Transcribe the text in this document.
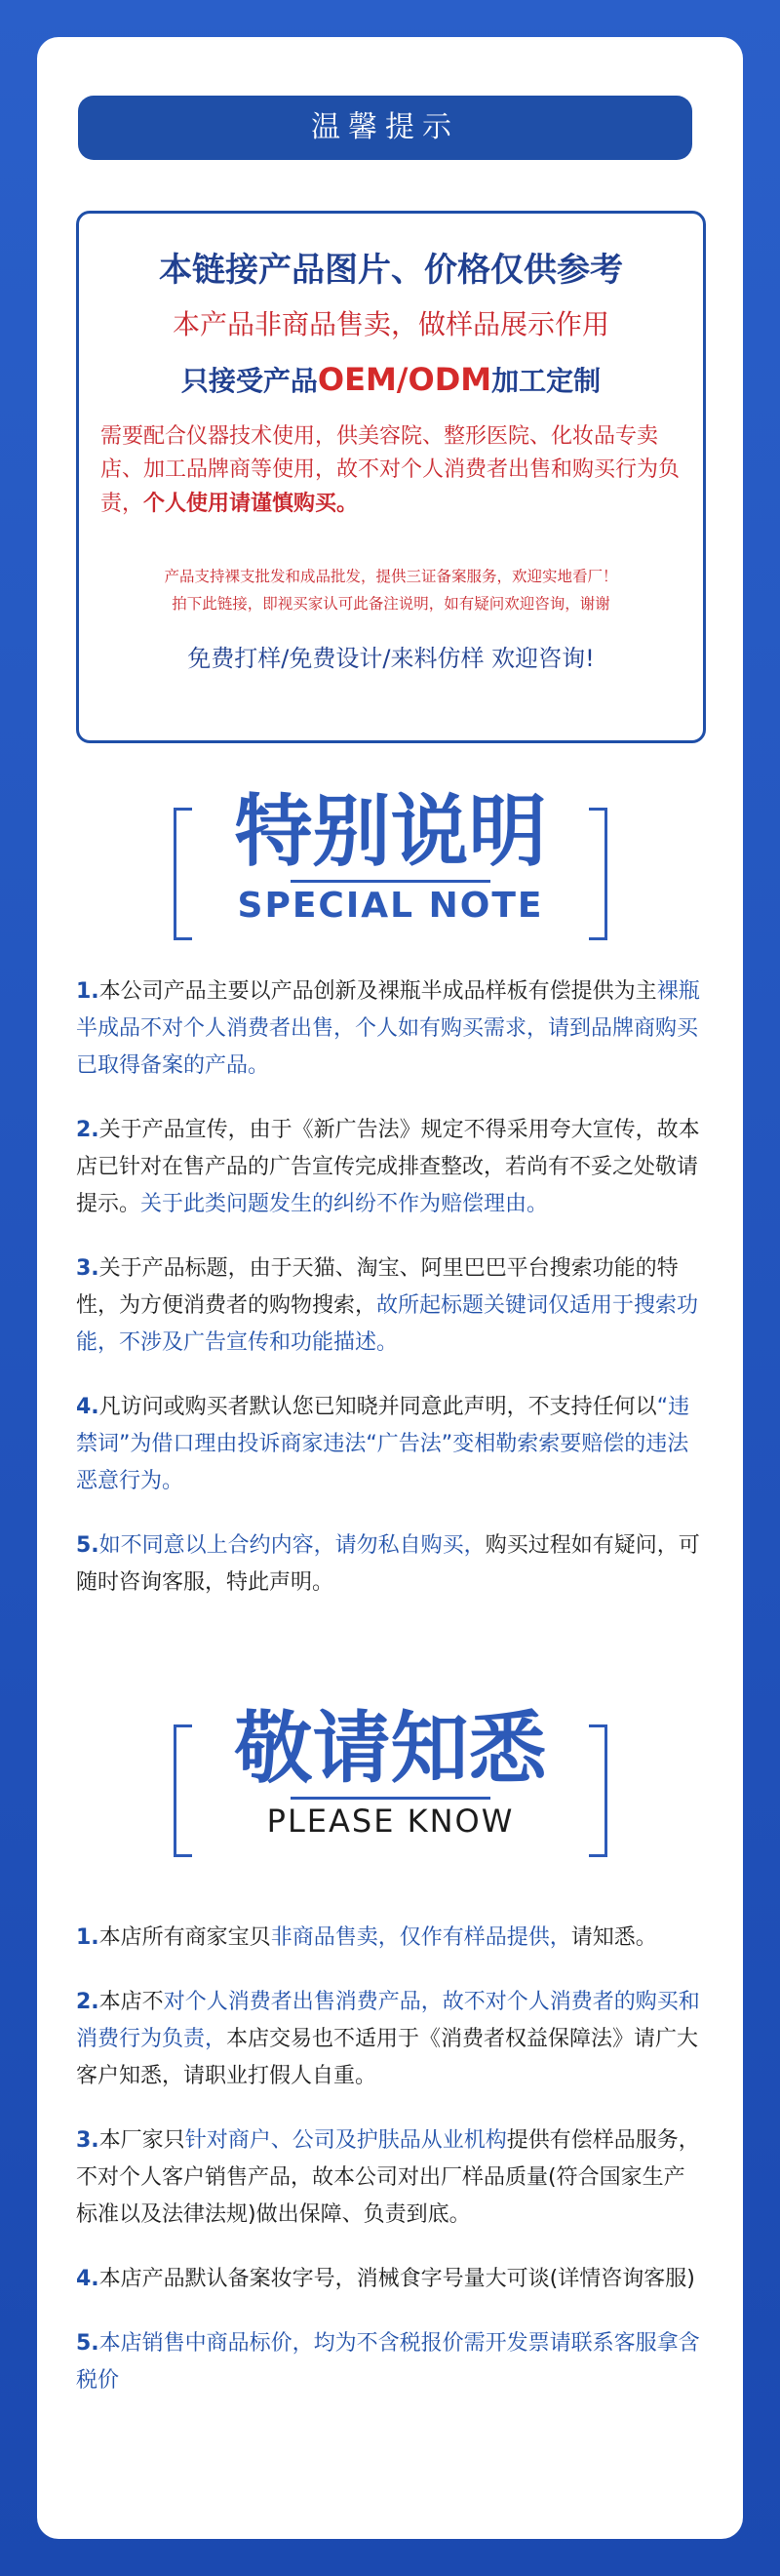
温馨提示
本链接产品图片、价格仅供参考
本产品非商品售卖，做样品展示作用
只接受产品OEM/ODM加工定制
需要配合仪器技术使用，供美容院、整形医院、化妆品专卖店、加工品牌商等使用，故不对个人消费者出售和购买行为负责，个人使用请谨慎购买。
产品支持裸支批发和成品批发，提供三证备案服务，欢迎实地看厂！
拍下此链接，即视买家认可此备注说明，如有疑问欢迎咨询，谢谢
免费打样/免费设计/来料仿样 欢迎咨询!
特别说明
SPECIAL NOTE
1.本公司产品主要以产品创新及裸瓶半成品样板有偿提供为主裸瓶半成品不对个人消费者出售，个人如有购买需求，请到品牌商购买已取得备案的产品。
2.关于产品宣传，由于《新广告法》规定不得采用夸大宣传，故本店已针对在售产品的广告宣传完成排查整改，若尚有不妥之处敬请提示。关于此类问题发生的纠纷不作为赔偿理由。
3.关于产品标题，由于天猫、淘宝、阿里巴巴平台搜索功能的特性，为方便消费者的购物搜索，故所起标题关键词仅适用于搜索功能，不涉及广告宣传和功能描述。
4.凡访问或购买者默认您已知晓并同意此声明，不支持任何以“违禁词”为借口理由投诉商家违法“广告法”变相勒索索要赔偿的违法恶意行为。
5.如不同意以上合约内容，请勿私自购买，购买过程如有疑问，可随时咨询客服，特此声明。
敬请知悉
PLEASE KNOW
1.本店所有商家宝贝非商品售卖，仅作有样品提供，请知悉。
2.本店不对个人消费者出售消费产品，故不对个人消费者的购买和消费行为负责，本店交易也不适用于《消费者权益保障法》请广大客户知悉，请职业打假人自重。
3.本厂家只针对商户、公司及护肤品从业机构提供有偿样品服务，不对个人客户销售产品，故本公司对出厂样品质量(符合国家生产标准以及法律法规)做出保障、负责到底。
4.本店产品默认备案妆字号，消械食字号量大可谈(详情咨询客服)
5.本店销售中商品标价，均为不含税报价需开发票请联系客服拿含税价
